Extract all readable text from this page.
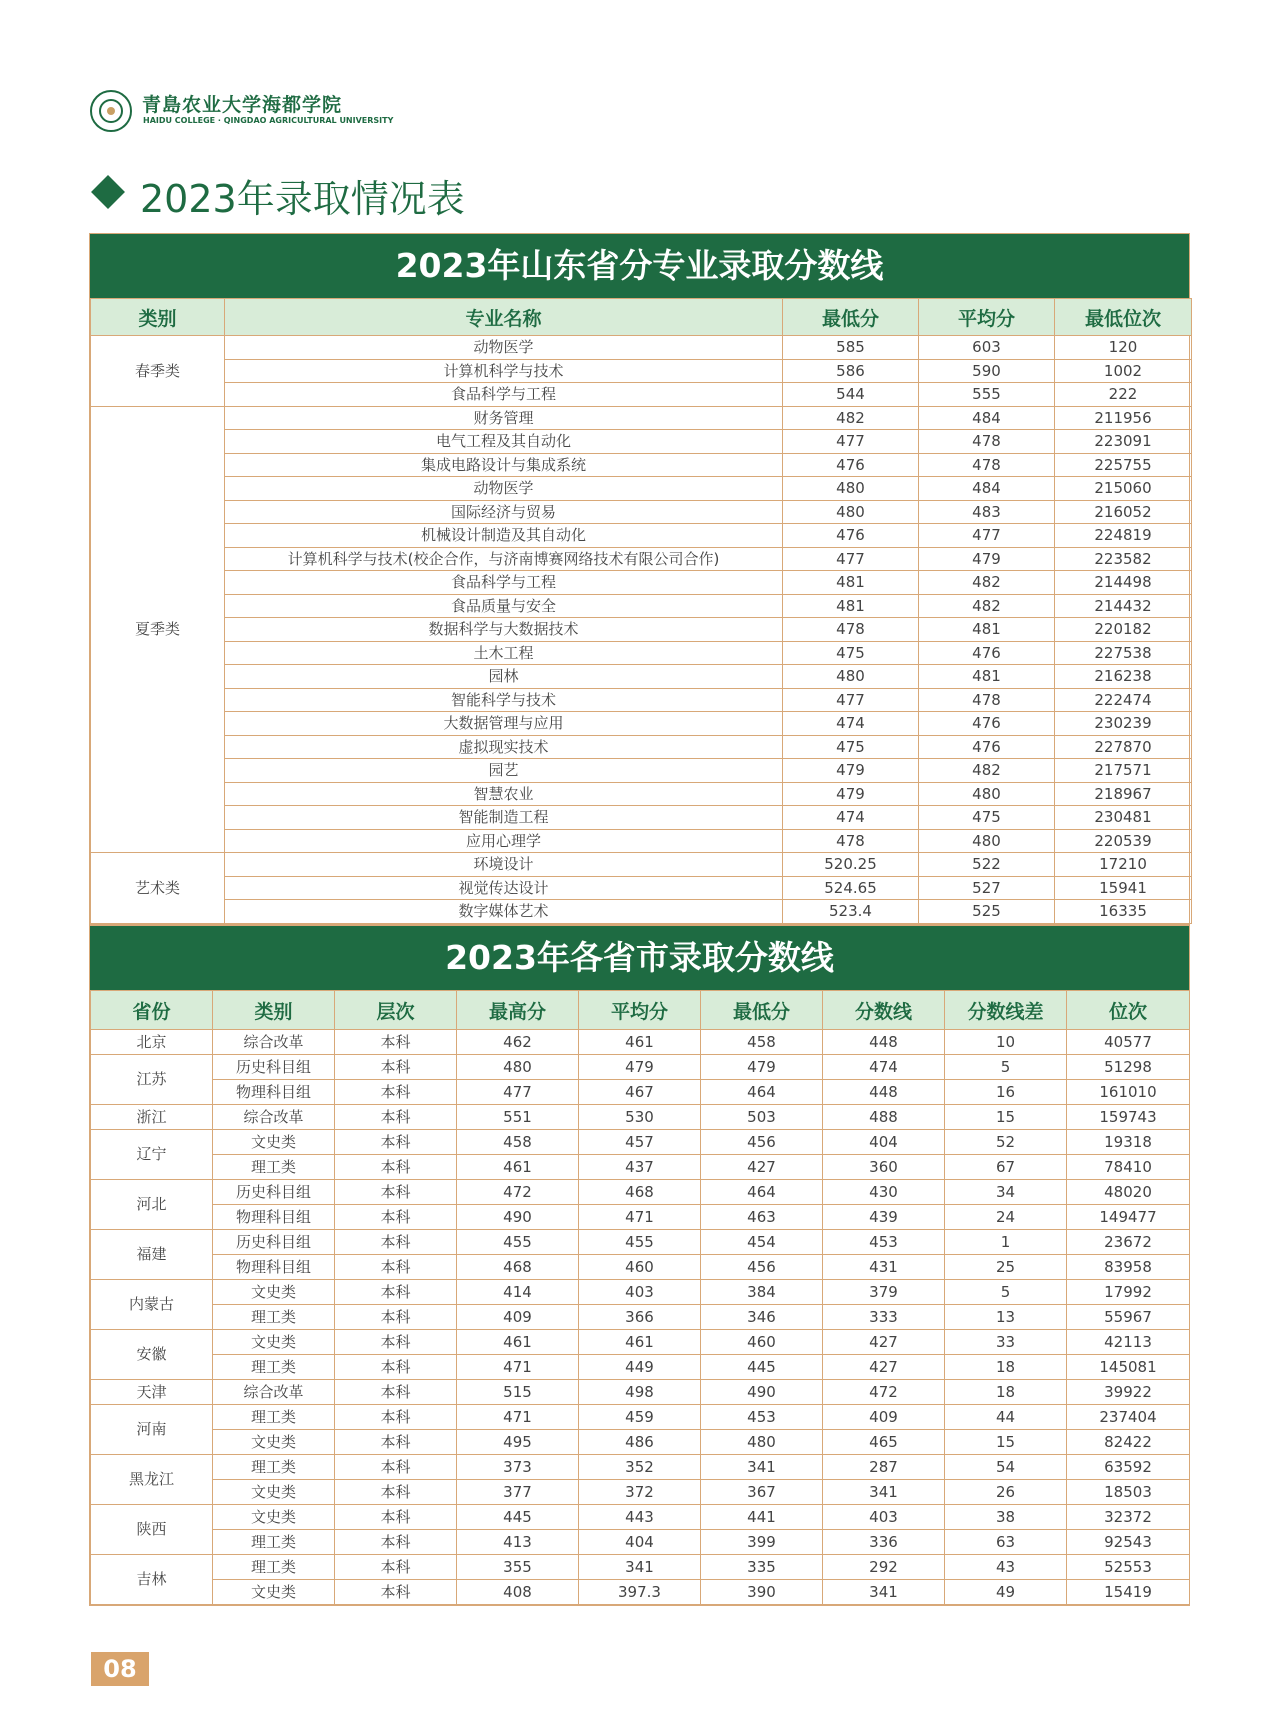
青島农业大学海都学院
HAIDU COLLEGE · QINGDAO AGRICULTURAL UNIVERSITY
2023年录取情况表
2023年山东省分专业录取分数线
类别	专业名称	最低分	平均分	最低位次
春季类	动物医学	585	603	120
	计算机科学与技术	586	590	1002
	食品科学与工程	544	555	222
夏季类	财务管理	482	484	211956
	电气工程及其自动化	477	478	223091
	集成电路设计与集成系统	476	478	225755
	动物医学	480	484	215060
	国际经济与贸易	480	483	216052
	机械设计制造及其自动化	476	477	224819
	计算机科学与技术(校企合作，与济南博赛网络技术有限公司合作)	477	479	223582
	食品科学与工程	481	482	214498
	食品质量与安全	481	482	214432
	数据科学与大数据技术	478	481	220182
	土木工程	475	476	227538
	园林	480	481	216238
	智能科学与技术	477	478	222474
	大数据管理与应用	474	476	230239
	虚拟现实技术	475	476	227870
	园艺	479	482	217571
	智慧农业	479	480	218967
	智能制造工程	474	475	230481
	应用心理学	478	480	220539
艺术类	环境设计	520.25	522	17210
	视觉传达设计	524.65	527	15941
	数字媒体艺术	523.4	525	16335
2023年各省市录取分数线
省份	类别	层次	最高分	平均分	最低分	分数线	分数线差	位次
北京	综合改革	本科	462	461	458	448	10	40577
江苏	历史科目组	本科	480	479	479	474	5	51298
	物理科目组	本科	477	467	464	448	16	161010
浙江	综合改革	本科	551	530	503	488	15	159743
辽宁	文史类	本科	458	457	456	404	52	19318
	理工类	本科	461	437	427	360	67	78410
河北	历史科目组	本科	472	468	464	430	34	48020
	物理科目组	本科	490	471	463	439	24	149477
福建	历史科目组	本科	455	455	454	453	1	23672
	物理科目组	本科	468	460	456	431	25	83958
内蒙古	文史类	本科	414	403	384	379	5	17992
	理工类	本科	409	366	346	333	13	55967
安徽	文史类	本科	461	461	460	427	33	42113
	理工类	本科	471	449	445	427	18	145081
天津	综合改革	本科	515	498	490	472	18	39922
河南	理工类	本科	471	459	453	409	44	237404
	文史类	本科	495	486	480	465	15	82422
黑龙江	理工类	本科	373	352	341	287	54	63592
	文史类	本科	377	372	367	341	26	18503
陕西	文史类	本科	445	443	441	403	38	32372
	理工类	本科	413	404	399	336	63	92543
吉林	理工类	本科	355	341	335	292	43	52553
	文史类	本科	408	397.3	390	341	49	15419
08
